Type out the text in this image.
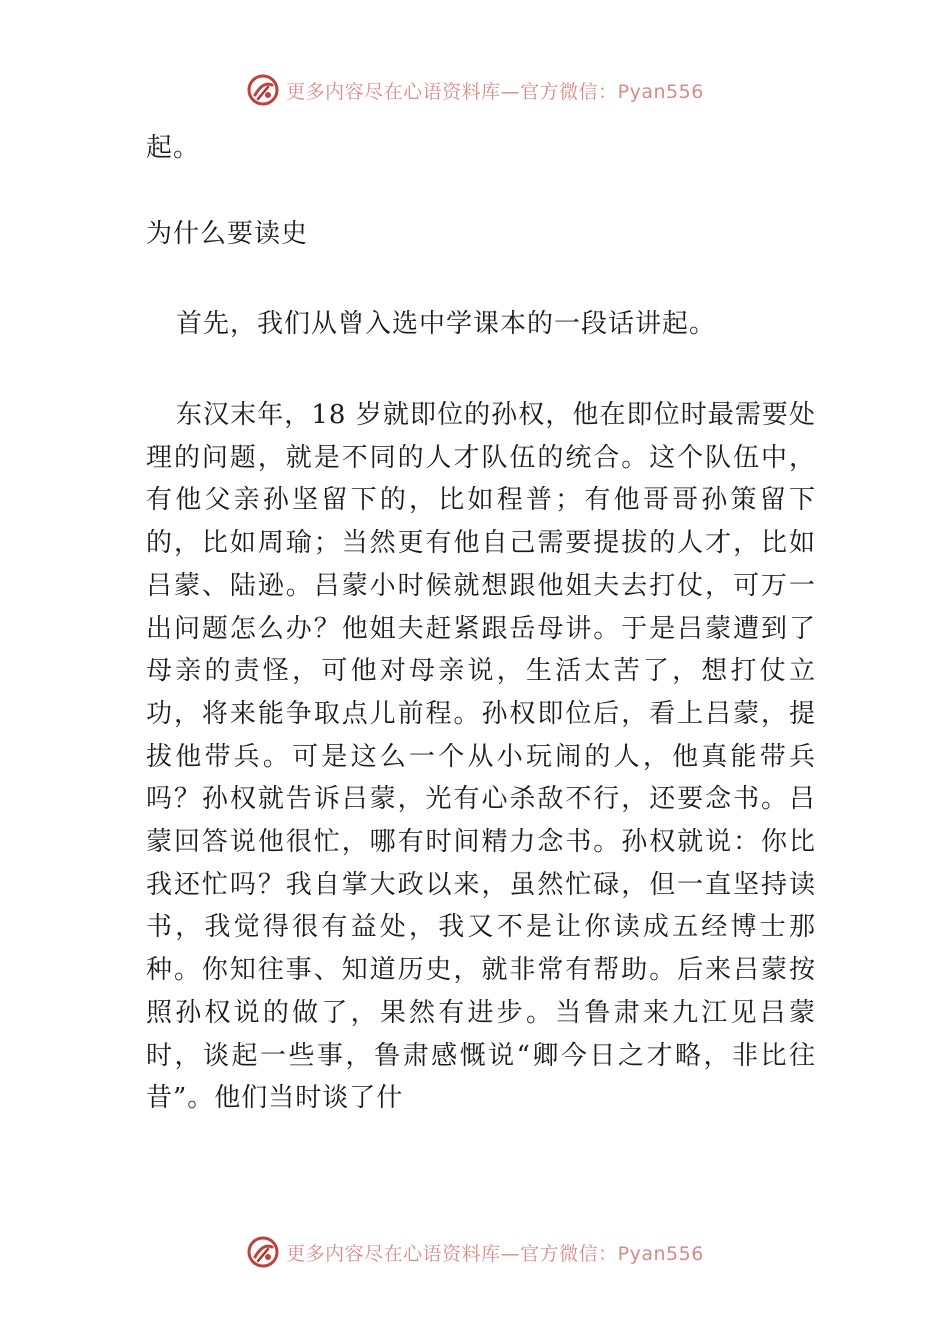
更多内容尽在心语资料库—官方微信：Pyan556

起。

为什么要读史

首先，我们从曾入选中学课本的一段话讲起。

东汉末年，18 岁就即位的孙权，他在即位时最需要处理的问题，就是不同的人才队伍的统合。这个队伍中，有他父亲孙坚留下的，比如程普；有他哥哥孙策留下的，比如周瑜；当然更有他自己需要提拔的人才，比如吕蒙、陆逊。吕蒙小时候就想跟他姐夫去打仗，可万一出问题怎么办？他姐夫赶紧跟岳母讲。于是吕蒙遭到了母亲的责怪，可他对母亲说，生活太苦了，想打仗立功，将来能争取点儿前程。孙权即位后，看上吕蒙，提拔他带兵。可是这么一个从小玩闹的人，他真能带兵吗？孙权就告诉吕蒙，光有心杀敌不行，还要念书。吕蒙回答说他很忙，哪有时间精力念书。孙权就说：你比我还忙吗？我自掌大政以来，虽然忙碌，但一直坚持读书，我觉得很有益处，我又不是让你读成五经博士那种。你知往事、知道历史，就非常有帮助。后来吕蒙按照孙权说的做了，果然有进步。当鲁肃来九江见吕蒙时，谈起一些事，鲁肃感慨说“卿今日之才略，非比往昔”。他们当时谈了什

更多内容尽在心语资料库—官方微信：Pyan556
